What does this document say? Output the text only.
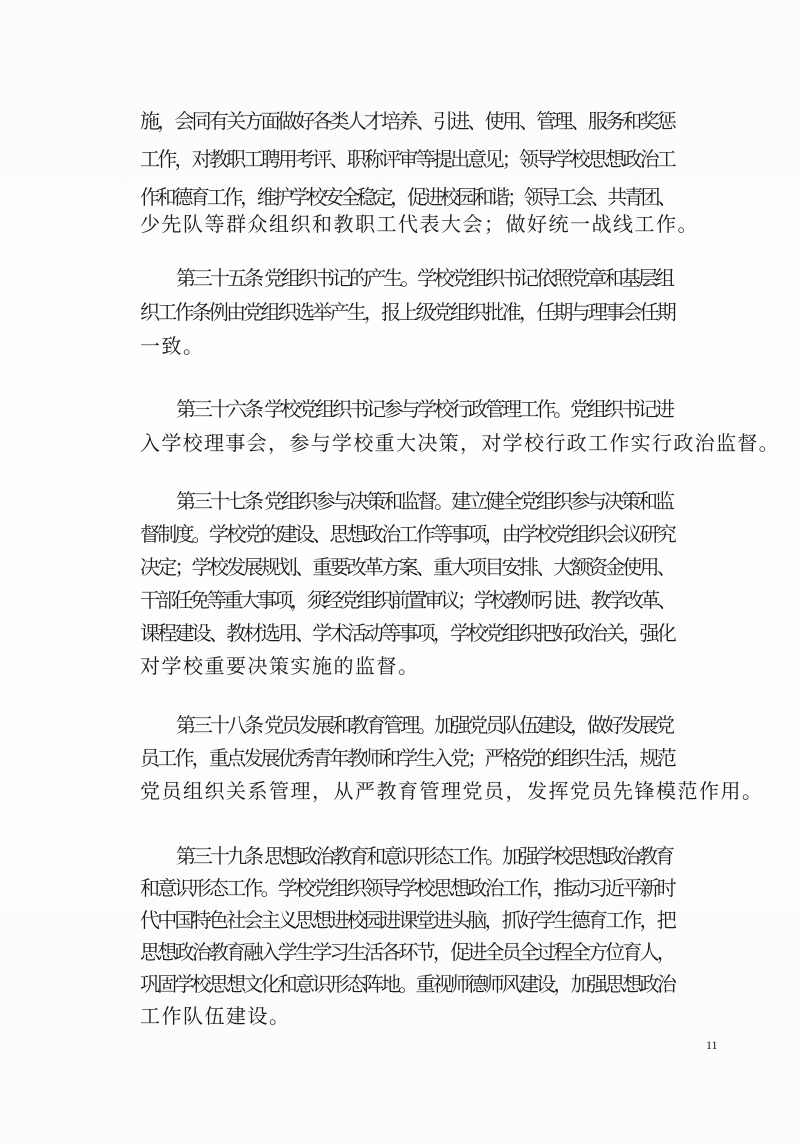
施，会同有关方面做好各类人才培养、引进、使用、管理、服务和奖惩
工作，对教职工聘用考评、职称评审等提出意见；领导学校思想政治工
作和德育工作，维护学校安全稳定，促进校园和谐；领导工会、共青团、
少先队等群众组织和教职工代表大会；做好统一战线工作。
第三十五条 党组织书记的产生。学校党组织书记依照党章和基层组
织工作条例由党组织选举产生，报上级党组织批准，任期与理事会任期
一致。
第三十六条 学校党组织书记参与学校行政管理工作。党组织书记进
入学校理事会，参与学校重大决策，对学校行政工作实行政治监督。
第三十七条 党组织参与决策和监督。建立健全党组织参与决策和监
督制度。学校党的建设、思想政治工作等事项，由学校党组织会议研究
决定；学校发展规划、重要改革方案、重大项目安排、大额资金使用、
干部任免等重大事项，须经党组织前置审议；学校教师引进、教学改革、
课程建设、教材选用、学术活动等事项，学校党组织把好政治关，强化
对学校重要决策实施的监督。
第三十八条 党员发展和教育管理。加强党员队伍建设，做好发展党
员工作，重点发展优秀青年教师和学生入党；严格党的组织生活，规范
党员组织关系管理，从严教育管理党员，发挥党员先锋模范作用。
第三十九条 思想政治教育和意识形态工作。加强学校思想政治教育
和意识形态工作。学校党组织领导学校思想政治工作，推动习近平新时
代中国特色社会主义思想进校园进课堂进头脑，抓好学生德育工作，把
思想政治教育融入学生学习生活各环节，促进全员全过程全方位育人，
巩固学校思想文化和意识形态阵地。重视师德师风建设，加强思想政治
工作队伍建设。
11
